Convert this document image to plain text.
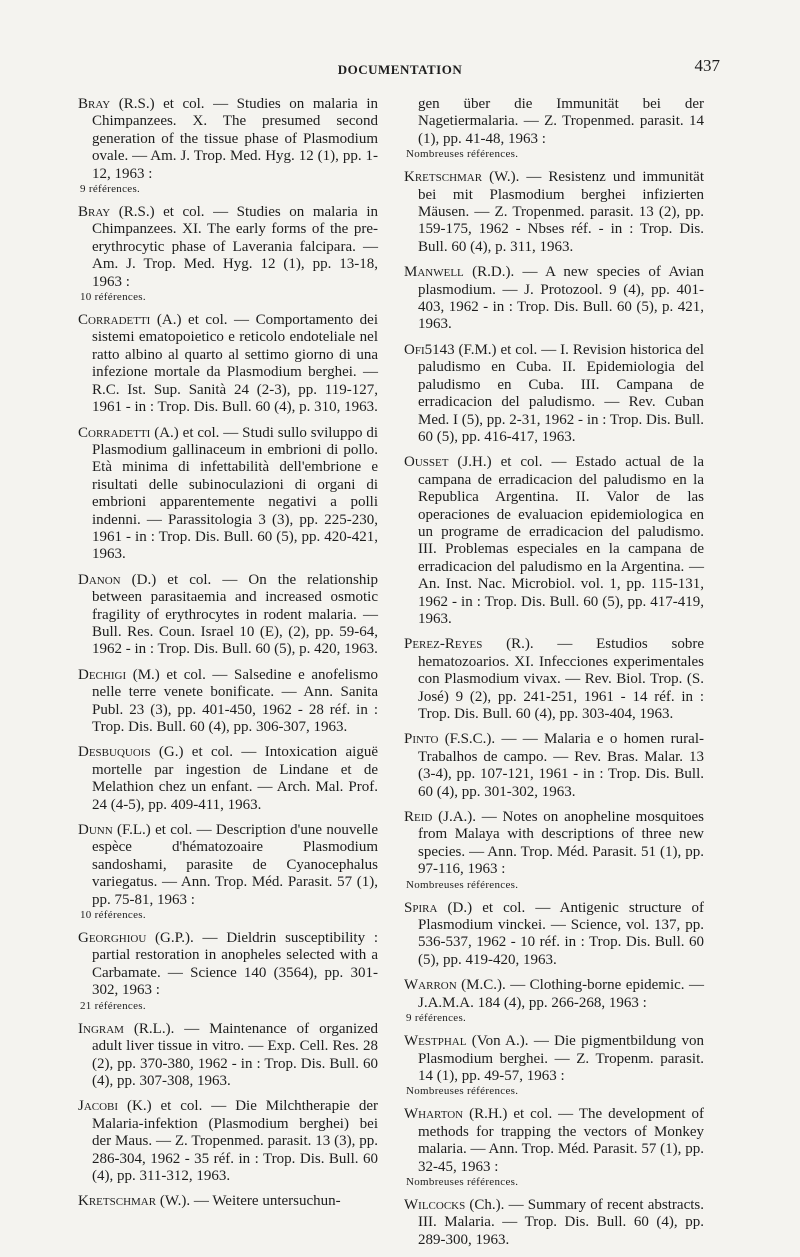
DOCUMENTATION	437
Bray (R.S.) et col. — Studies on malaria in Chimpanzees. X. The presumed second generation of the tissue phase of Plasmodium ovale. — Am. J. Trop. Med. Hyg. 12 (1), pp. 1-12, 1963 :
9 références.
Bray (R.S.) et col. — Studies on malaria in Chimpanzees. XI. The early forms of the pre-erythrocytic phase of Laverania falcipara. — Am. J. Trop. Med. Hyg. 12 (1), pp. 13-18, 1963 :
10 références.
Corradetti (A.) et col. — Comportamento dei sistemi ematopoietico e reticolo endoteliale nel ratto albino al quarto al settimo giorno di una infezione mortale da Plasmodium berghei. — R.C. Ist. Sup. Sanità 24 (2-3), pp. 119-127, 1961 - in : Trop. Dis. Bull. 60 (4), p. 310, 1963.
Corradetti (A.) et col. — Studi sullo sviluppo di Plasmodium gallinaceum in embrioni di pollo. Età minima di infettabilità dell'embrione e risultati delle subinoculazioni di organi di embrioni apparentemente negativi a polli indenni. — Parassitologia 3 (3), pp. 225-230, 1961 - in : Trop. Dis. Bull. 60 (5), pp. 420-421, 1963.
Danon (D.) et col. — On the relationship between parasitaemia and increased osmotic fragility of erythrocytes in rodent malaria. — Bull. Res. Coun. Israel 10 (E), (2), pp. 59-64, 1962 - in : Trop. Dis. Bull. 60 (5), p. 420, 1963.
Dechigi (M.) et col. — Salsedine e anofelismo nelle terre venete bonificate. — Ann. Sanita Publ. 23 (3), pp. 401-450, 1962 - 28 réf. in : Trop. Dis. Bull. 60 (4), pp. 306-307, 1963.
Desbuquois (G.) et col. — Intoxication aiguë mortelle par ingestion de Lindane et de Melathion chez un enfant. — Arch. Mal. Prof. 24 (4-5), pp. 409-411, 1963.
Dunn (F.L.) et col. — Description d'une nouvelle espèce d'hématozoaire Plasmodium sandoshami, parasite de Cyanocephalus variegatus. — Ann. Trop. Méd. Parasit. 57 (1), pp. 75-81, 1963 :
10 références.
Georghiou (G.P.). — Dieldrin susceptibility : partial restoration in anopheles selected with a Carbamate. — Science 140 (3564), pp. 301-302, 1963 :
21 références.
Ingram (R.L.). — Maintenance of organized adult liver tissue in vitro. — Exp. Cell. Res. 28 (2), pp. 370-380, 1962 - in : Trop. Dis. Bull. 60 (4), pp. 307-308, 1963.
Jacobi (K.) et col. — Die Milchtherapie der Malaria-infektion (Plasmodium berghei) bei der Maus. — Z. Tropenmed. parasit. 13 (3), pp. 286-304, 1962 - 35 réf. in : Trop. Dis. Bull. 60 (4), pp. 311-312, 1963.
Kretschmar (W.). — Weitere untersuchun-
gen über die Immunität bei der Nagetiermalaria. — Z. Tropenmed. parasit. 14 (1), pp. 41-48, 1963 :
Nombreuses références.
Kretschmar (W.). — Resistenz und immunität bei mit Plasmodium berghei infizierten Mäusen. — Z. Tropenmed. parasit. 13 (2), pp. 159-175, 1962 - Nbses réf. - in : Trop. Dis. Bull. 60 (4), p. 311, 1963.
Manwell (R.D.). — A new species of Avian plasmodium. — J. Protozool. 9 (4), pp. 401-403, 1962 - in : Trop. Dis. Bull. 60 (5), p. 421, 1963.
Ofi5143 (F.M.) et col. — I. Revision historica del paludismo en Cuba. II. Epidemiologia del paludismo en Cuba. III. Campana de erradicacion del paludismo. — Rev. Cuban Med. I (5), pp. 2-31, 1962 - in : Trop. Dis. Bull. 60 (5), pp. 416-417, 1963.
Ousset (J.H.) et col. — Estado actual de la campana de erradicacion del paludismo en la Republica Argentina. II. Valor de las operaciones de evaluacion epidemiologica en un programe de erradicacion del paludismo. III. Problemas especiales en la campana de erradicacion del paludismo en la Argentina. — An. Inst. Nac. Microbiol. vol. 1, pp. 115-131, 1962 - in : Trop. Dis. Bull. 60 (5), pp. 417-419, 1963.
Perez-Reyes (R.). — Estudios sobre hematozoarios. XI. Infecciones experimentales con Plasmodium vivax. — Rev. Biol. Trop. (S. José) 9 (2), pp. 241-251, 1961 - 14 réf. in : Trop. Dis. Bull. 60 (4), pp. 303-404, 1963.
Pinto (F.S.C.). — — Malaria e o homen rural-Trabalhos de campo. — Rev. Bras. Malar. 13 (3-4), pp. 107-121, 1961 - in : Trop. Dis. Bull. 60 (4), pp. 301-302, 1963.
Reid (J.A.). — Notes on anopheline mosquitoes from Malaya with descriptions of three new species. — Ann. Trop. Méd. Parasit. 51 (1), pp. 97-116, 1963 :
Nombreuses références.
Spira (D.) et col. — Antigenic structure of Plasmodium vinckei. — Science, vol. 137, pp. 536-537, 1962 - 10 réf. in : Trop. Dis. Bull. 60 (5), pp. 419-420, 1963.
Warron (M.C.). — Clothing-borne epidemic. — J.A.M.A. 184 (4), pp. 266-268, 1963 :
9 références.
Westphal (Von A.). — Die pigmentbildung von Plasmodium berghei. — Z. Tropenm. parasit. 14 (1), pp. 49-57, 1963 :
Nombreuses références.
Wharton (R.H.) et col. — The development of methods for trapping the vectors of Monkey malaria. — Ann. Trop. Méd. Parasit. 57 (1), pp. 32-45, 1963 :
Nombreuses références.
Wilcocks (Ch.). — Summary of recent abstracts. III. Malaria. — Trop. Dis. Bull. 60 (4), pp. 289-300, 1963.
